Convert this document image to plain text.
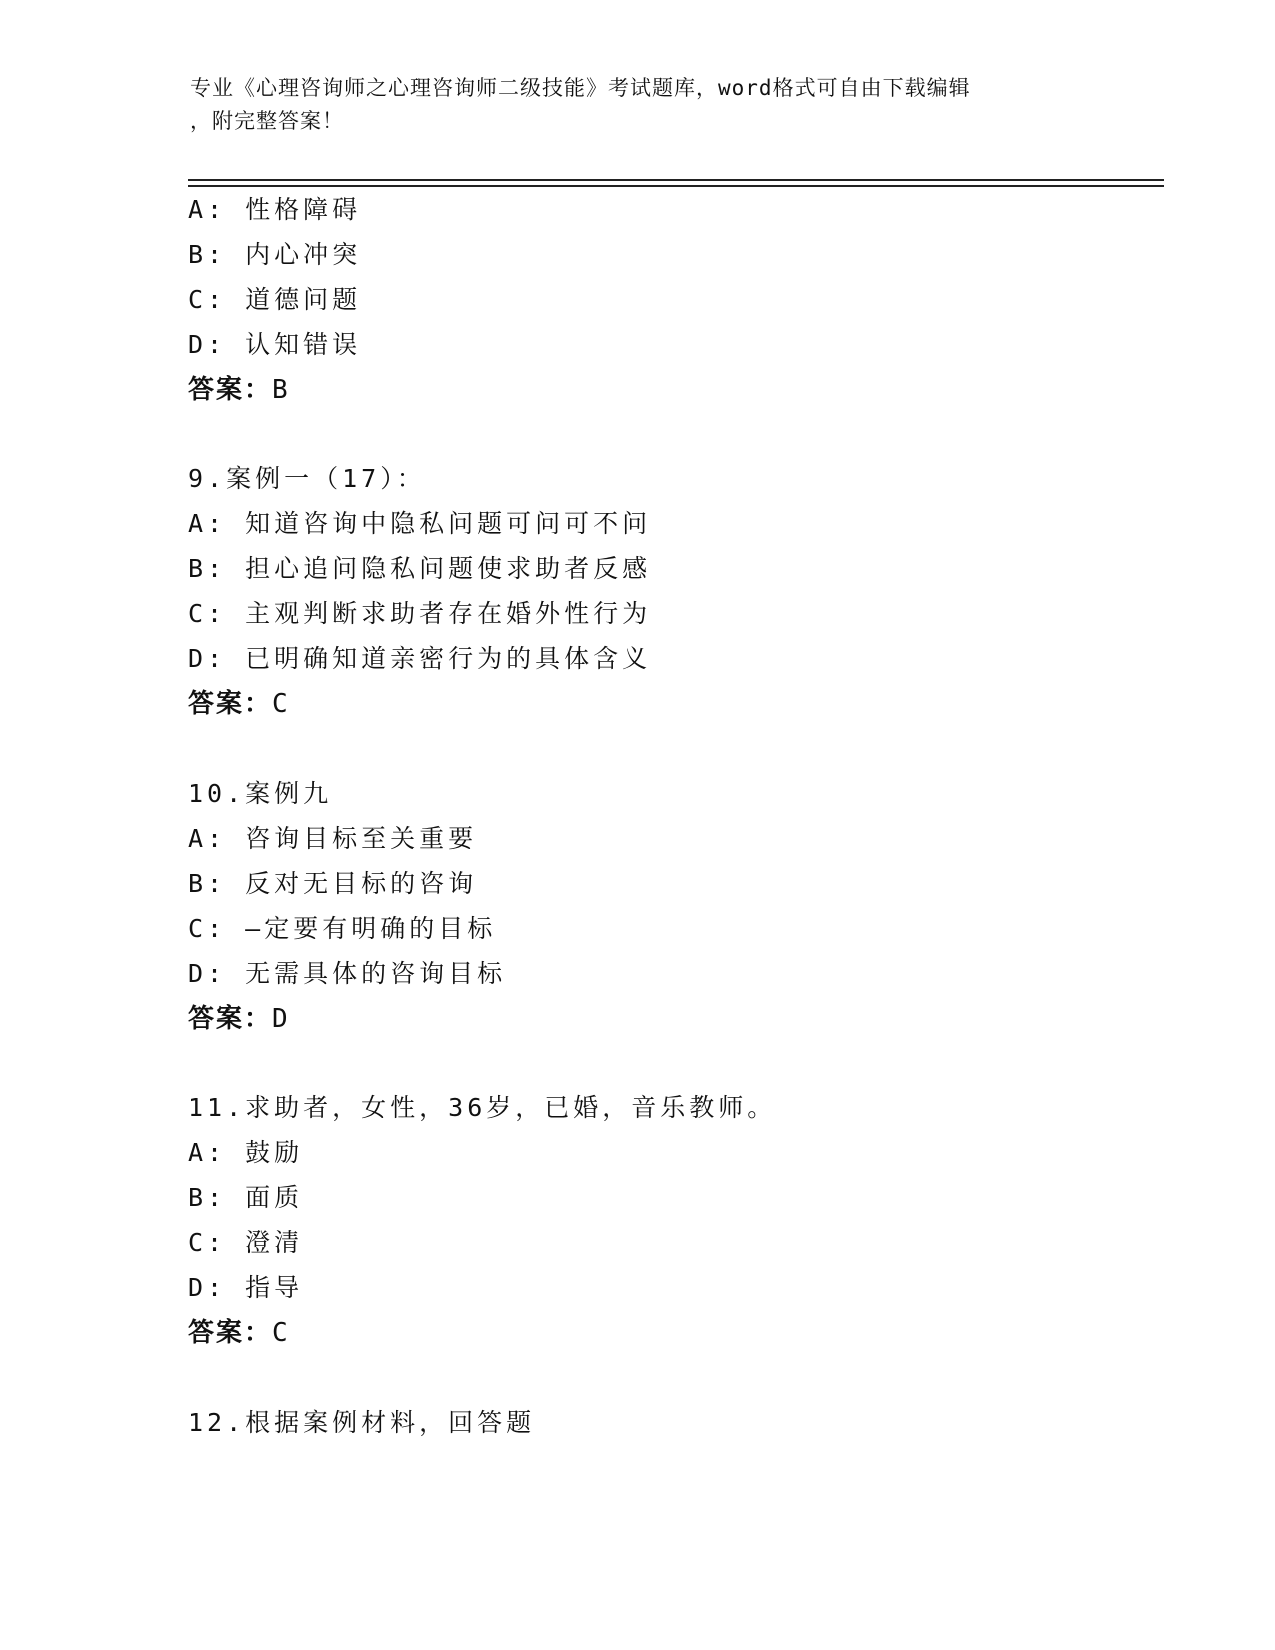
专业《心理咨询师之心理咨询师二级技能》考试题库，word格式可自由下载编辑
，附完整答案！
A: 性格障碍
B: 内心冲突
C: 道德问题
D: 认知错误
答案：B
9.案例一（17）：
A: 知道咨询中隐私问题可问可不问
B: 担心追问隐私问题使求助者反感
C: 主观判断求助者存在婚外性行为
D: 已明确知道亲密行为的具体含义
答案：C
10.案例九
A: 咨询目标至关重要
B: 反对无目标的咨询
C: —定要有明确的目标
D: 无需具体的咨询目标
答案：D
11.求助者，女性，36岁，已婚，音乐教师。
A: 鼓励
B: 面质
C: 澄清
D: 指导
答案：C
12.根据案例材料，回答题
